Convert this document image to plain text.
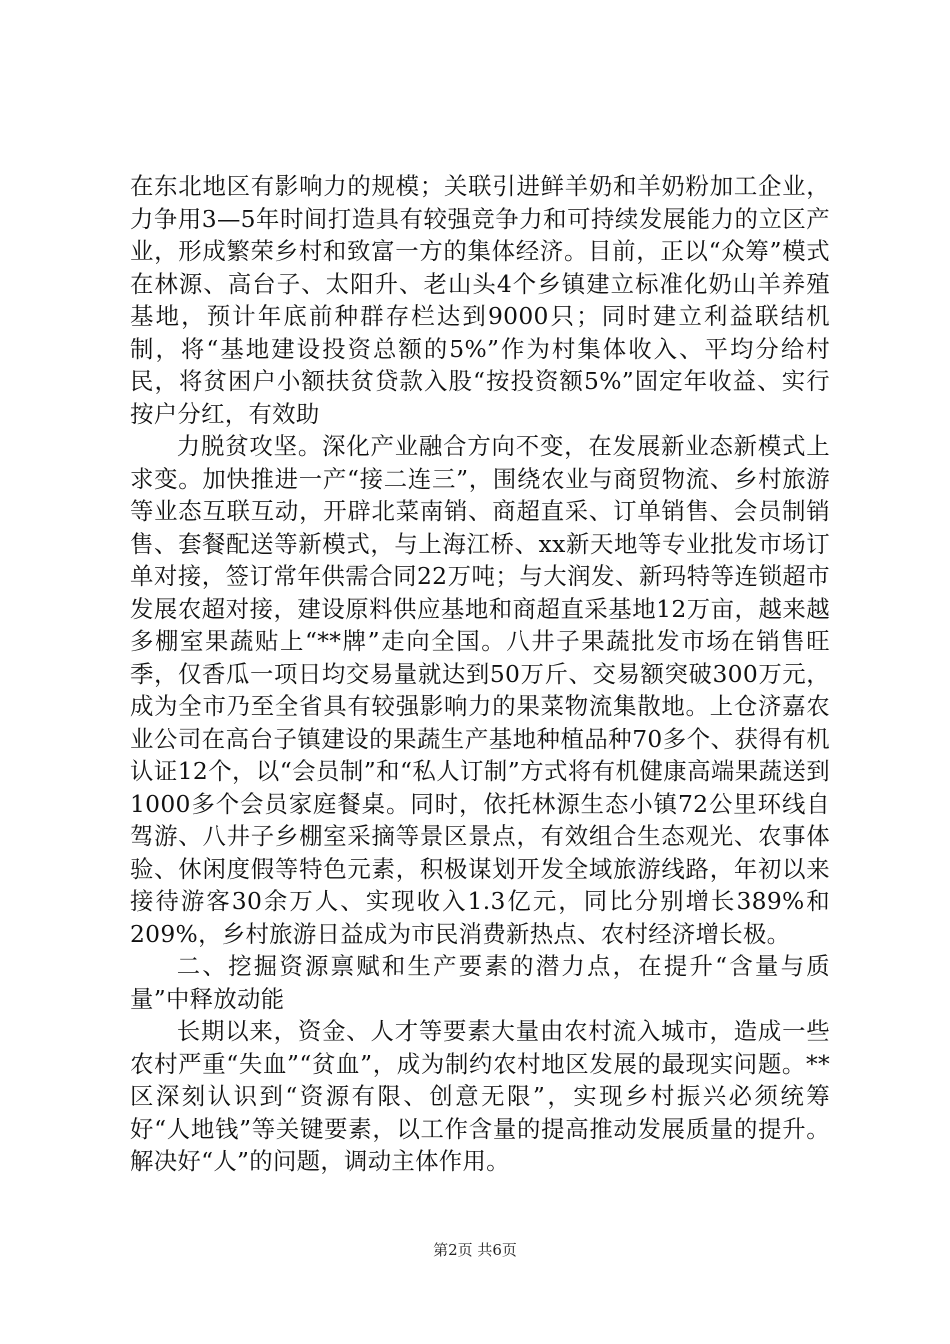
在东北地区有影响力的规模；关联引进鲜羊奶和羊奶粉加工企业，力争用3—5年时间打造具有较强竞争力和可持续发展能力的立区产业，形成繁荣乡村和致富一方的集体经济。目前，正以“众筹”模式在林源、高台子、太阳升、老山头4个乡镇建立标准化奶山羊养殖基地，预计年底前种群存栏达到9000只；同时建立利益联结机制，将“基地建设投资总额的5%”作为村集体收入、平均分给村民，将贫困户小额扶贫贷款入股“按投资额5%”固定年收益、实行按户分红，有效助

力脱贫攻坚。深化产业融合方向不变，在发展新业态新模式上求变。加快推进一产“接二连三”，围绕农业与商贸物流、乡村旅游等业态互联互动，开辟北菜南销、商超直采、订单销售、会员制销售、套餐配送等新模式，与上海江桥、xx新天地等专业批发市场订单对接，签订常年供需合同22万吨；与大润发、新玛特等连锁超市发展农超对接，建设原料供应基地和商超直采基地12万亩，越来越多棚室果蔬贴上“**牌”走向全国。八井子果蔬批发市场在销售旺季，仅香瓜一项日均交易量就达到50万斤、交易额突破300万元，成为全市乃至全省具有较强影响力的果菜物流集散地。上仓济嘉农业公司在高台子镇建设的果蔬生产基地种植品种70多个、获得有机认证12个，以“会员制”和“私人订制”方式将有机健康高端果蔬送到1000多个会员家庭餐桌。同时，依托林源生态小镇72公里环线自驾游、八井子乡棚室采摘等景区景点，有效组合生态观光、农事体验、休闲度假等特色元素，积极谋划开发全域旅游线路，年初以来接待游客30余万人、实现收入1.3亿元，同比分别增长389%和209%，乡村旅游日益成为市民消费新热点、农村经济增长极。

二、挖掘资源禀赋和生产要素的潜力点，在提升“含量与质量”中释放动能

长期以来，资金、人才等要素大量由农村流入城市，造成一些农村严重“失血”“贫血”，成为制约农村地区发展的最现实问题。**区深刻认识到“资源有限、创意无限”，实现乡村振兴必须统筹好“人地钱”等关键要素，以工作含量的提高推动发展质量的提升。解决好“人”的问题，调动主体作用。

第2页 共6页
